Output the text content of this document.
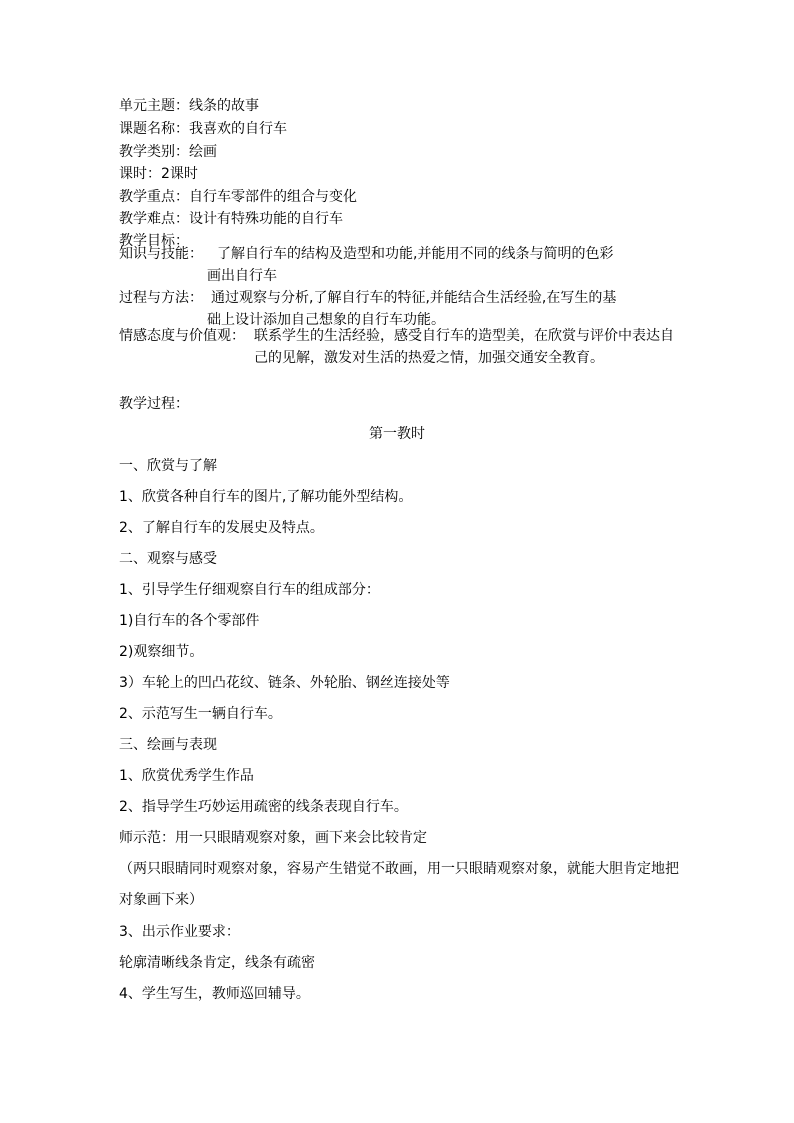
单元主题：线条的故事
课题名称：我喜欢的自行车
教学类别：绘画
课时：2课时
教学重点：自行车零部件的组合与变化
教学难点：设计有特殊功能的自行车
教学目标：
知识与技能： 了解自行车的结构及造型和功能,并能用不同的线条与简明的色彩
画出自行车
过程与方法： 通过观察与分析,了解自行车的特征,并能结合生活经验,在写生的基
础上设计添加自己想象的自行车功能。
情感态度与价值观： 联系学生的生活经验，感受自行车的造型美，在欣赏与评价中表达自己的见解，激发对生活的热爱之情，加强交通安全教育。
教学过程：
第一教时
一、欣赏与了解
1、欣赏各种自行车的图片,了解功能外型结构。
2、了解自行车的发展史及特点。
二、观察与感受
1、引导学生仔细观察自行车的组成部分：
1)自行车的各个零部件
2)观察细节。
3）车轮上的凹凸花纹、链条、外轮胎、钢丝连接处等
2、示范写生一辆自行车。
三、绘画与表现
1、欣赏优秀学生作品
2、指导学生巧妙运用疏密的线条表现自行车。
师示范：用一只眼睛观察对象，画下来会比较肯定
（两只眼睛同时观察对象，容易产生错觉不敢画，用一只眼睛观察对象，就能大胆肯定地把对象画下来）
3、出示作业要求：
轮廓清晰线条肯定，线条有疏密
4、学生写生，教师巡回辅导。
